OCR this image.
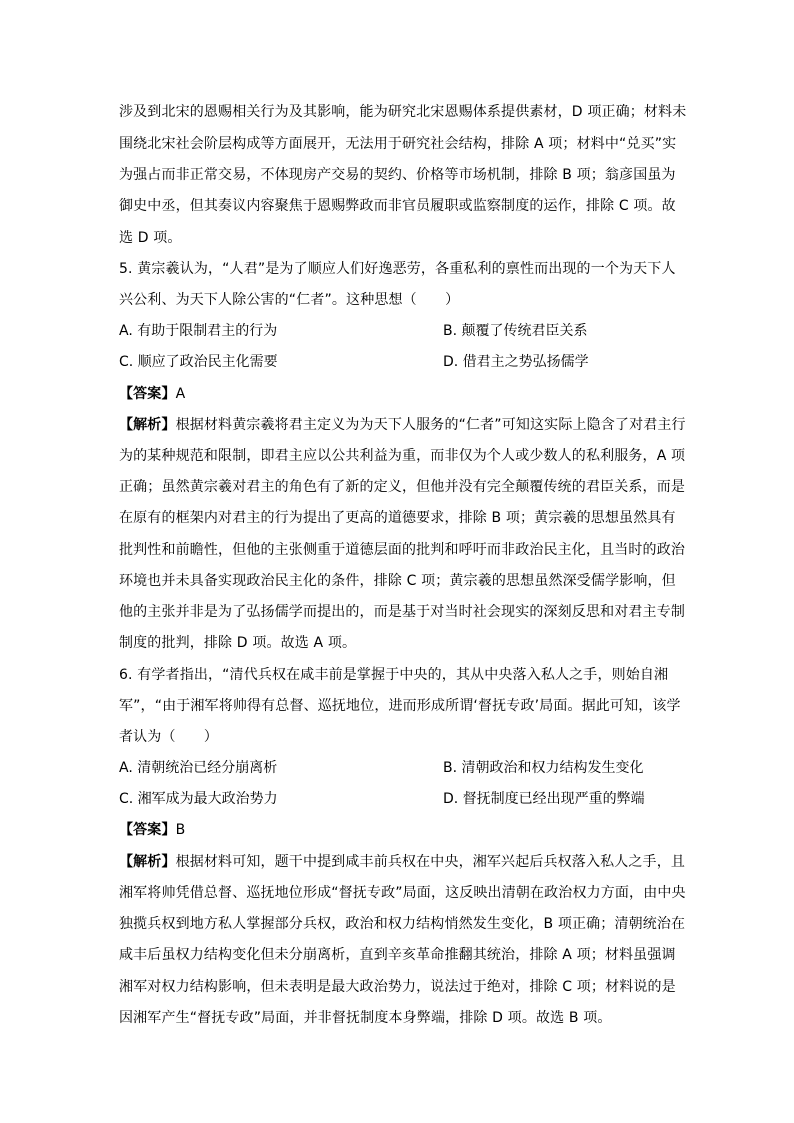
涉及到北宋的恩赐相关行为及其影响，能为研究北宋恩赐体系提供素材，D 项正确；材料未
围绕北宋社会阶层构成等方面展开，无法用于研究社会结构，排除 A 项；材料中“兑买”实
为强占而非正常交易，不体现房产交易的契约、价格等市场机制，排除 B 项；翁彦国虽为
御史中丞，但其奏议内容聚焦于恩赐弊政而非官员履职或监察制度的运作，排除 C 项。故
选 D 项。
5. 黄宗羲认为，“人君”是为了顺应人们好逸恶劳，各重私利的禀性而出现的一个为天下人
兴公利、为天下人除公害的“仁者”。这种思想（　　）
A. 有助于限制君主的行为	B. 颠覆了传统君臣关系
C. 顺应了政治民主化需要	D. 借君主之势弘扬儒学
【答案】A
【解析】根据材料黄宗羲将君主定义为为天下人服务的“仁者”可知这实际上隐含了对君主行
为的某种规范和限制，即君主应以公共利益为重，而非仅为个人或少数人的私利服务，A 项
正确；虽然黄宗羲对君主的角色有了新的定义，但他并没有完全颠覆传统的君臣关系，而是
在原有的框架内对君主的行为提出了更高的道德要求，排除 B 项；黄宗羲的思想虽然具有
批判性和前瞻性，但他的主张侧重于道德层面的批判和呼吁而非政治民主化，且当时的政治
环境也并未具备实现政治民主化的条件，排除 C 项；黄宗羲的思想虽然深受儒学影响，但
他的主张并非是为了弘扬儒学而提出的，而是基于对当时社会现实的深刻反思和对君主专制
制度的批判，排除 D 项。故选 A 项。
6. 有学者指出，“清代兵权在咸丰前是掌握于中央的，其从中央落入私人之手，则始自湘
军”，“由于湘军将帅得有总督、巡抚地位，进而形成所谓‘督抚专政’局面。据此可知，该学
者认为（　　）
A. 清朝统治已经分崩离析	B. 清朝政治和权力结构发生变化
C. 湘军成为最大政治势力	D. 督抚制度已经出现严重的弊端
【答案】B
【解析】根据材料可知，题干中提到咸丰前兵权在中央，湘军兴起后兵权落入私人之手，且
湘军将帅凭借总督、巡抚地位形成“督抚专政”局面，这反映出清朝在政治权力方面，由中央
独揽兵权到地方私人掌握部分兵权，政治和权力结构悄然发生变化，B 项正确；清朝统治在
咸丰后虽权力结构变化但未分崩离析，直到辛亥革命推翻其统治，排除 A 项；材料虽强调
湘军对权力结构影响，但未表明是最大政治势力，说法过于绝对，排除 C 项；材料说的是
因湘军产生“督抚专政”局面，并非督抚制度本身弊端，排除 D 项。故选 B 项。
